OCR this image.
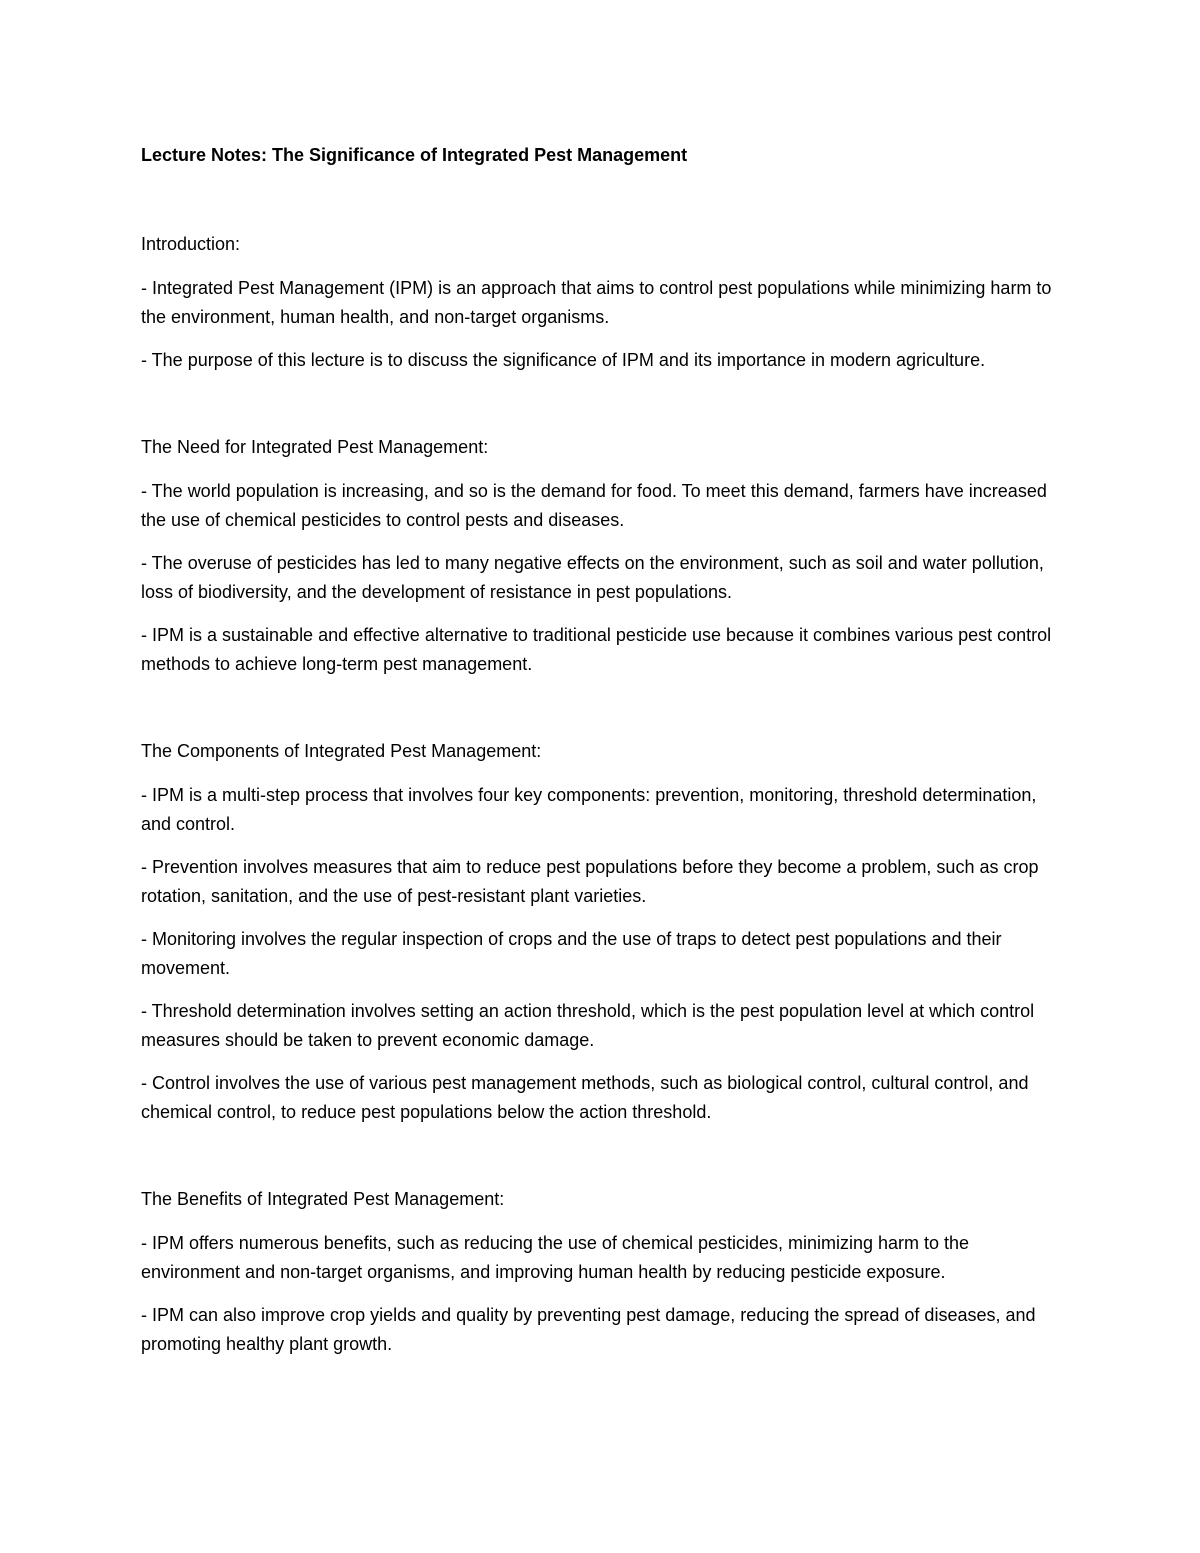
Lecture Notes: The Significance of Integrated Pest Management

Introduction:

- Integrated Pest Management (IPM) is an approach that aims to control pest populations while minimizing harm to the environment, human health, and non-target organisms.

- The purpose of this lecture is to discuss the significance of IPM and its importance in modern agriculture.

The Need for Integrated Pest Management:

- The world population is increasing, and so is the demand for food. To meet this demand, farmers have increased the use of chemical pesticides to control pests and diseases.

- The overuse of pesticides has led to many negative effects on the environment, such as soil and water pollution, loss of biodiversity, and the development of resistance in pest populations.

- IPM is a sustainable and effective alternative to traditional pesticide use because it combines various pest control methods to achieve long-term pest management.

The Components of Integrated Pest Management:

- IPM is a multi-step process that involves four key components: prevention, monitoring, threshold determination, and control.

- Prevention involves measures that aim to reduce pest populations before they become a problem, such as crop rotation, sanitation, and the use of pest-resistant plant varieties.

- Monitoring involves the regular inspection of crops and the use of traps to detect pest populations and their movement.

- Threshold determination involves setting an action threshold, which is the pest population level at which control measures should be taken to prevent economic damage.

- Control involves the use of various pest management methods, such as biological control, cultural control, and chemical control, to reduce pest populations below the action threshold.

The Benefits of Integrated Pest Management:

- IPM offers numerous benefits, such as reducing the use of chemical pesticides, minimizing harm to the environment and non-target organisms, and improving human health by reducing pesticide exposure.

- IPM can also improve crop yields and quality by preventing pest damage, reducing the spread of diseases, and promoting healthy plant growth.
